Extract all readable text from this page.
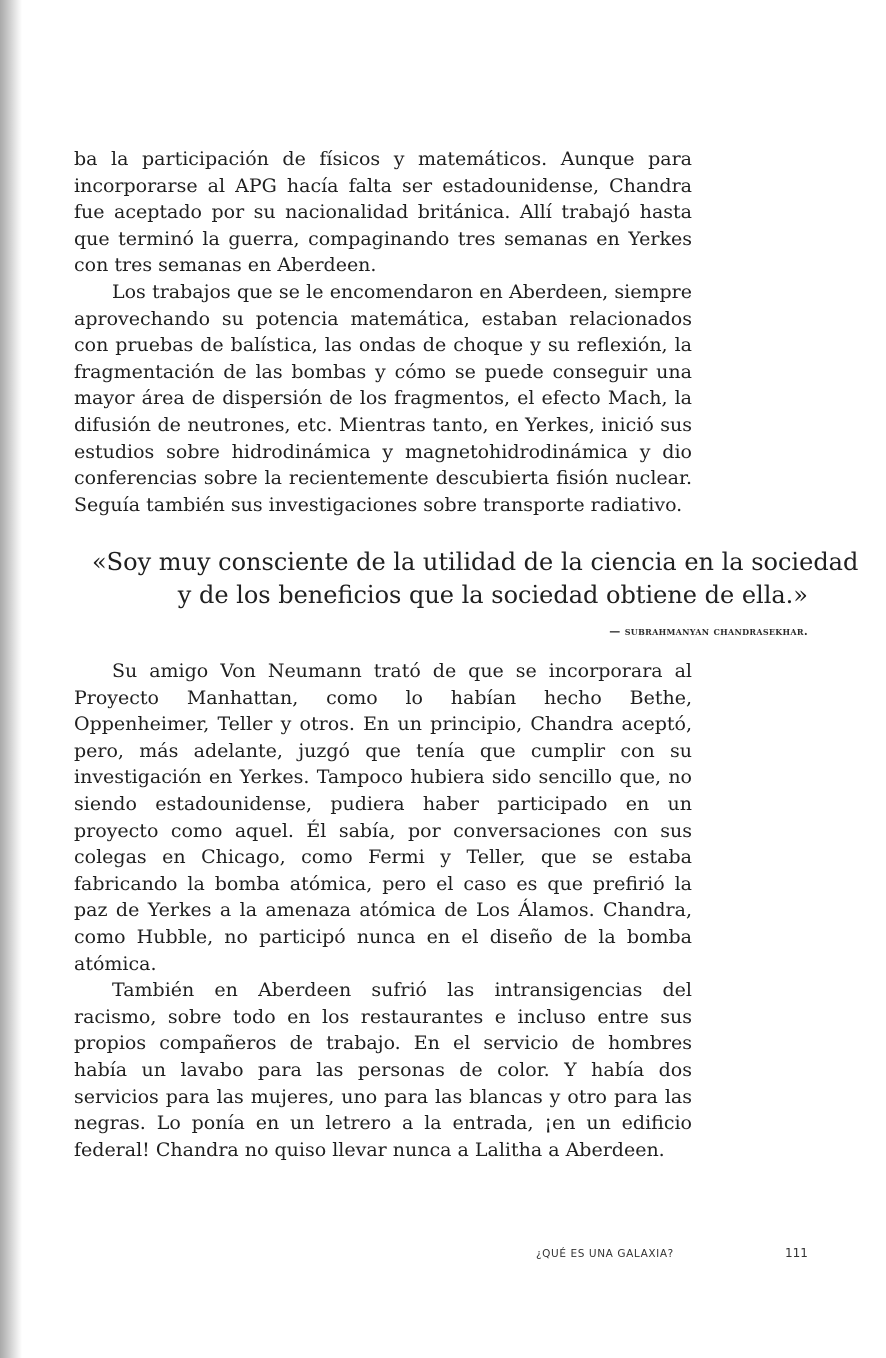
ba la participación de físicos y matemáticos. Aunque para incorporarse al APG hacía falta ser estadounidense, Chandra fue aceptado por su nacionalidad británica. Allí trabajó hasta que terminó la guerra, compaginando tres semanas en Yerkes con tres semanas en Aberdeen.

Los trabajos que se le encomendaron en Aberdeen, siempre aprovechando su potencia matemática, estaban relacionados con pruebas de balística, las ondas de choque y su reflexión, la fragmentación de las bombas y cómo se puede conseguir una mayor área de dispersión de los fragmentos, el efecto Mach, la difusión de neutrones, etc. Mientras tanto, en Yerkes, inició sus estudios sobre hidrodinámica y magnetohidrodinámica y dio conferencias sobre la recientemente descubierta fisión nuclear. Seguía también sus investigaciones sobre transporte radiativo.

«Soy muy consciente de la utilidad de la ciencia en la sociedad
y de los beneficios que la sociedad obtiene de ella.»
— subrahmanyan chandrasekhar.

Su amigo Von Neumann trató de que se incorporara al Proyecto Manhattan, como lo habían hecho Bethe, Oppenheimer, Teller y otros. En un principio, Chandra aceptó, pero, más adelante, juzgó que tenía que cumplir con su investigación en Yerkes. Tampoco hubiera sido sencillo que, no siendo estadounidense, pudiera haber participado en un proyecto como aquel. Él sabía, por conversaciones con sus colegas en Chicago, como Fermi y Teller, que se estaba fabricando la bomba atómica, pero el caso es que prefirió la paz de Yerkes a la amenaza atómica de Los Álamos. Chandra, como Hubble, no participó nunca en el diseño de la bomba atómica.

También en Aberdeen sufrió las intransigencias del racismo, sobre todo en los restaurantes e incluso entre sus propios compañeros de trabajo. En el servicio de hombres había un lavabo para las personas de color. Y había dos servicios para las mujeres, uno para las blancas y otro para las negras. Lo ponía en un letrero a la entrada, ¡en un edificio federal! Chandra no quiso llevar nunca a Lalitha a Aberdeen.

¿QUÉ ES UNA GALAXIA?	111
